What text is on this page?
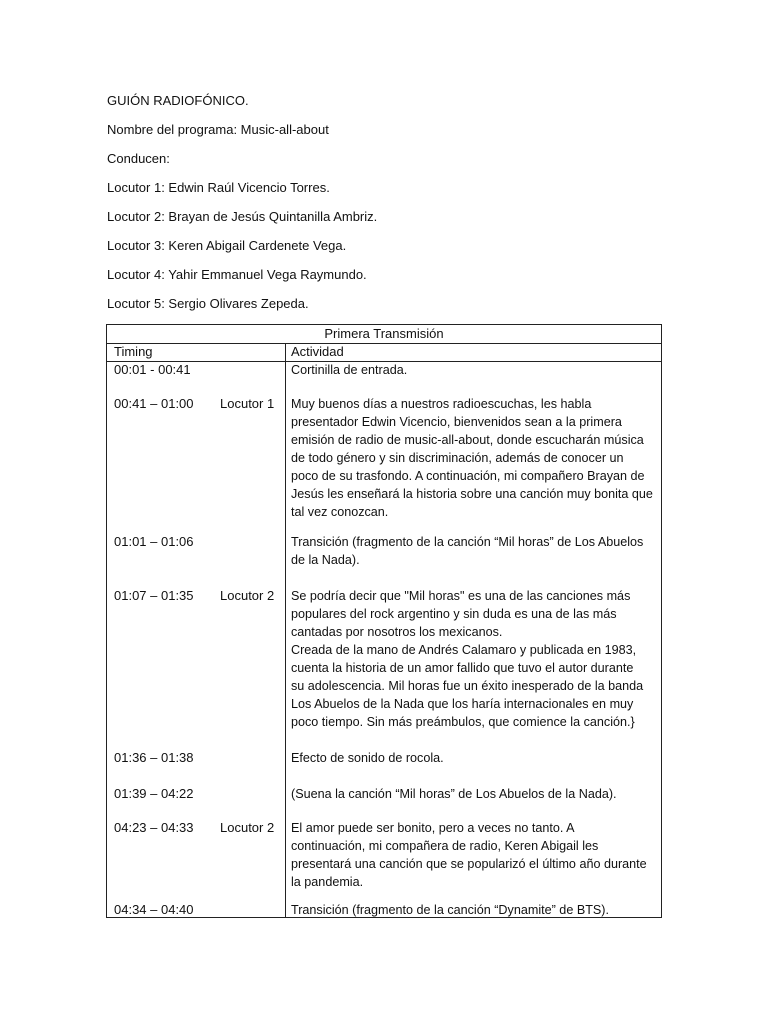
GUIÓN RADIOFÓNICO.
Nombre del programa: Music-all-about
Conducen:
Locutor 1: Edwin Raúl Vicencio Torres.
Locutor 2: Brayan de Jesús Quintanilla Ambriz.
Locutor 3: Keren Abigail Cardenete Vega.
Locutor 4: Yahir Emmanuel Vega Raymundo.
Locutor 5: Sergio Olivares Zepeda.
Primera Transmisión
Timing	Actividad
00:01 - 00:41	Cortinilla de entrada.
00:41 – 01:00 Locutor 1 Muy buenos días a nuestros radioescuchas, les habla
presentador Edwin Vicencio, bienvenidos sean a la primera
emisión de radio de music-all-about, donde escucharán música
de todo género y sin discriminación, además de conocer un
poco de su trasfondo. A continuación, mi compañero Brayan de
Jesús les enseñará la historia sobre una canción muy bonita que
tal vez conozcan.
01:01 – 01:06	Transición (fragmento de la canción “Mil horas” de Los Abuelos
de la Nada).
01:07 – 01:35 Locutor 2 Se podría decir que "Mil horas" es una de las canciones más
populares del rock argentino y sin duda es una de las más
cantadas por nosotros los mexicanos.
Creada de la mano de Andrés Calamaro y publicada en 1983,
cuenta la historia de un amor fallido que tuvo el autor durante
su adolescencia. Mil horas fue un éxito inesperado de la banda
Los Abuelos de la Nada que los haría internacionales en muy
poco tiempo. Sin más preámbulos, que comience la canción.}
01:36 – 01:38	Efecto de sonido de rocola.
01:39 – 04:22	(Suena la canción “Mil horas” de Los Abuelos de la Nada).
04:23 – 04:33 Locutor 2 El amor puede ser bonito, pero a veces no tanto. A
continuación, mi compañera de radio, Keren Abigail les
presentará una canción que se popularizó el último año durante
la pandemia.
04:34 – 04:40	Transición (fragmento de la canción “Dynamite” de BTS).
